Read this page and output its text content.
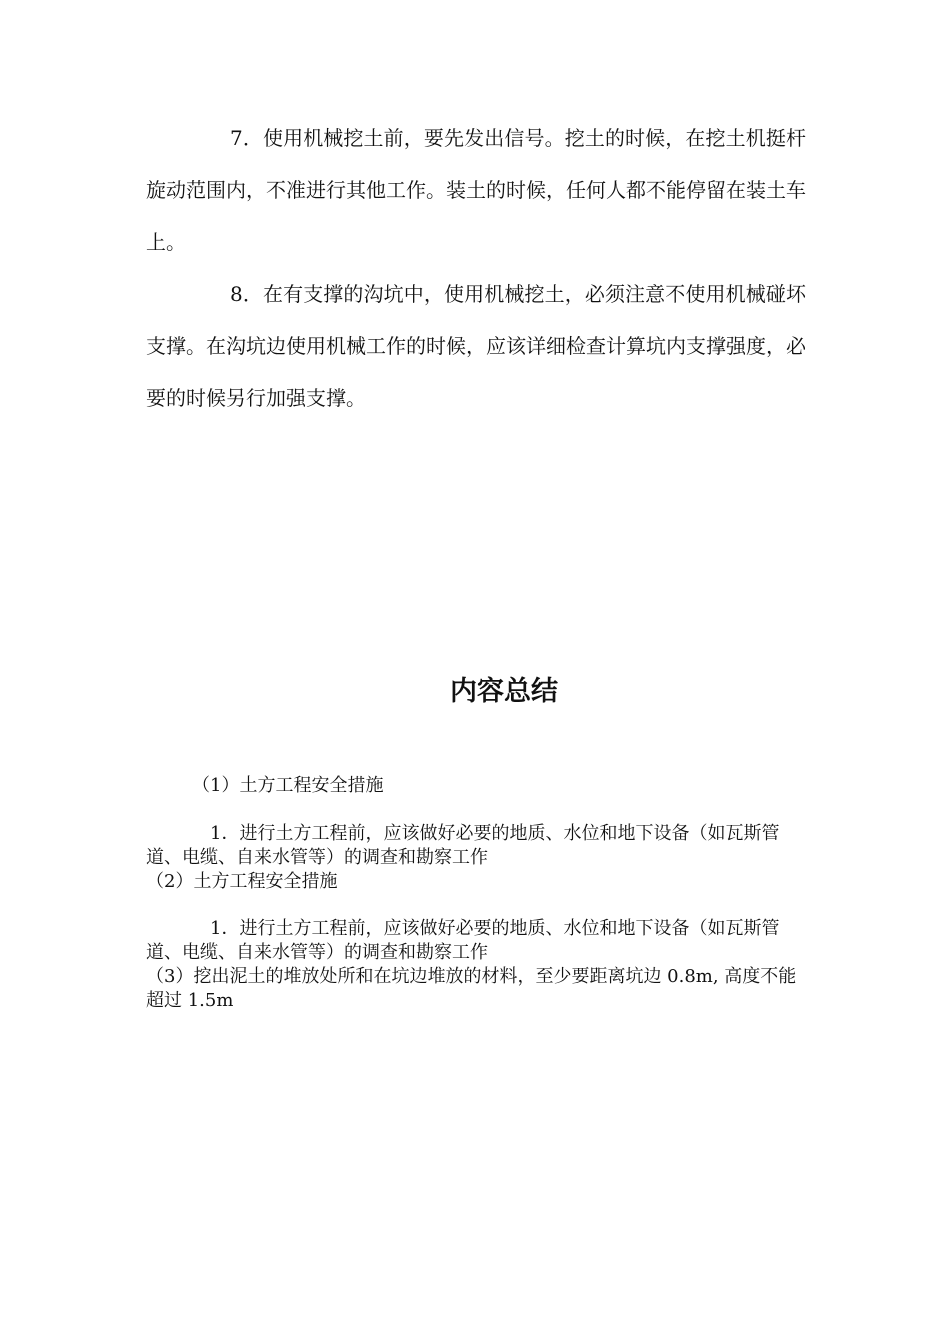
7．使用机械挖土前，要先发出信号。挖土的时候，在挖土机挺杆旋动范围内，不准进行其他工作。装土的时候，任何人都不能停留在装土车上。

8．在有支撑的沟坑中，使用机械挖土，必须注意不使用机械碰坏支撑。在沟坑边使用机械工作的时候，应该详细检查计算坑内支撑强度，必要的时候另行加强支撑。

内容总结

（1）土方工程安全措施

1．进行土方工程前，应该做好必要的地质、水位和地下设备（如瓦斯管道、电缆、自来水管等）的调查和勘察工作

（2）土方工程安全措施

1．进行土方工程前，应该做好必要的地质、水位和地下设备（如瓦斯管道、电缆、自来水管等）的调查和勘察工作

（3）挖出泥土的堆放处所和在坑边堆放的材料，至少要距离坑边 0.8m, 高度不能超过 1.5m
